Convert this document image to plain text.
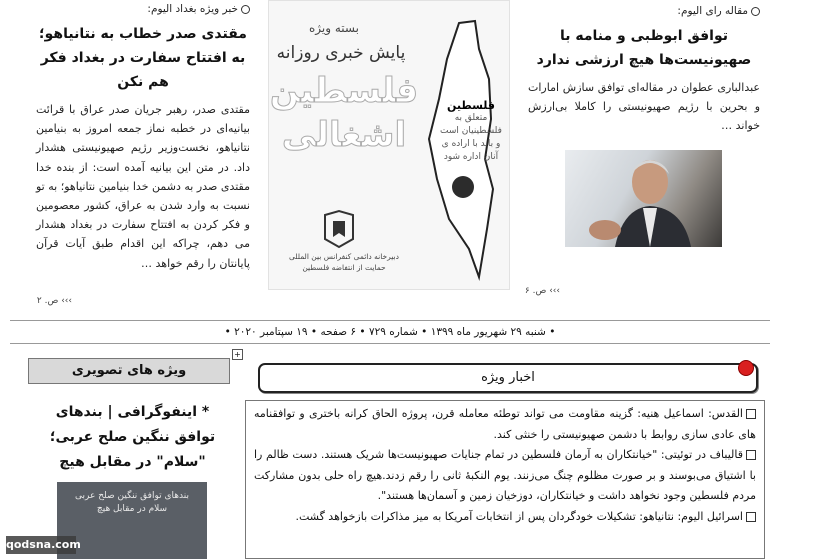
مقاله رای الیوم:
توافق ابوظبی و منامه با صهیونیست‌ها هیچ ارزشی ندارد
عبدالباری عطوان در مقاله‌ای توافق سازش امارات و بحرین با رژیم صهیونیستی را کاملا بی‌ارزش خواند …
››› ص. ۶
بسته ویژه
پایش خبری روزانه
فلسطین
اشغالی
فلسطین
متعلق به فلسطینیان است و باید با اراده ی آنان اداره شود
دبیرخانه دائمی کنفرانس بین المللی
حمایت از انتفاضه فلسطین
خبر ویژه بغداد الیوم:
مقتدی صدر خطاب به نتانیاهو؛ به افتتاح سفارت در بغداد فکر هم نکن
مقتدی صدر، رهبر جریان صدر عراق با قرائت بیانیه‌ای در خطبه نماز جمعه امروز به بنیامین نتانیاهو، نخست‌وزیر رژیم صهیونیستی هشدار داد. در متن این بیانیه آمده است: از بنده خدا مقتدی صدر به دشمن خدا بنیامین نتانیاهو؛ به تو نسبت به وارد شدن به عراق، کشور معصومین و فکر کردن به افتتاح سفارت در بغداد هشدار می دهم، چراکه این اقدام طبق آیات قرآن پایانتان را رقم خواهد …
››› ص. ۲
• شنبه ۲۹ شهریور ماه ۱۳۹۹ • شماره ۷۲۹ • ۶ صفحه • ۱۹ سپتامبر ۲۰۲۰ •
+
ویژه های تصویری
* اینفوگرافی | بندهای توافق ننگین صلح عربی؛ "سلام" در مقابل هیچ
بندهای توافق ننگین صلح عربی
سلام در مقابل هیچ
اخبار ویژه

القدس: اسماعیل هنیه: گزینه مقاومت می تواند توطئه معامله قرن، پروژه الحاق کرانه باختری و توافقنامه های عادی سازی روابط با دشمن صهیونیستی را خنثی کند.

قالیباف در توئیتی: "خیانتکاران به آرمان فلسطین در تمام جنایات صهیونیست‌ها شریک هستند. دست ظالم را با اشتیاق می‌بوسند و بر صورت مظلوم چنگ می‌زنند. یوم النکبهٔ ثانی را رقم زدند.هیچ راه حلی بدون مشارکت مردم فلسطین وجود نخواهد داشت و خیانتکاران، دوزخیان زمین و آسمان‌ها هستند".

اسرائیل الیوم: نتانیاهو: تشکیلات خودگردان پس از انتخابات آمریکا به میز مذاکرات بازخواهد گشت.

qodsna.com
